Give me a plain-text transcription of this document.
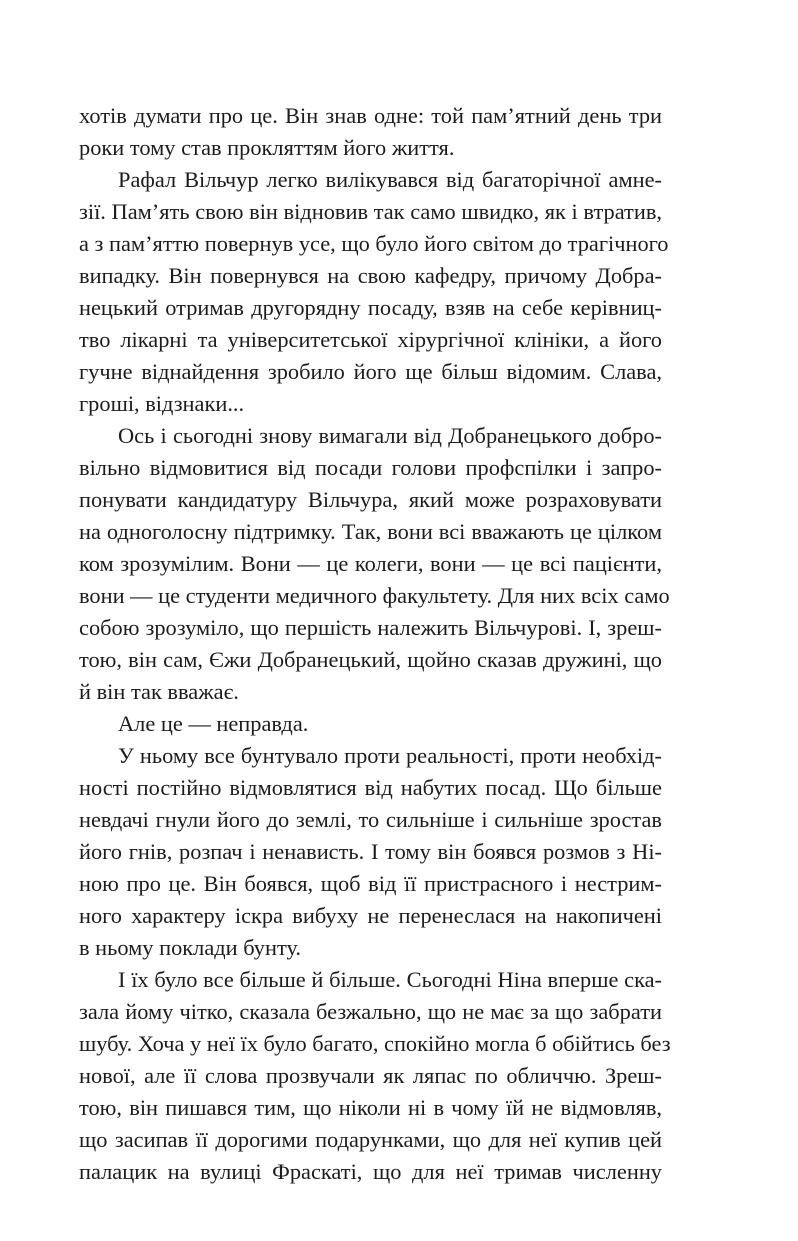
хотів думати про це. Він знав одне: той пам’ятний день три
роки тому став прокляттям його життя.
Рафал Вільчур легко вилікувався від багаторічної амне-
зії. Пам’ять свою він відновив так само швидко, як і втратив,
а з пам’яттю повернув усе, що було його світом до трагічного
випадку. Він повернувся на свою кафедру, причому Добра-
нецький отримав другорядну посаду, взяв на себе керівниц-
тво лікарні та університетської хірургічної клініки, а його
гучне віднайдення зробило його ще більш відомим. Слава,
гроші, відзнаки...
Ось і сьогодні знову вимагали від Добранецького добро-
вільно відмовитися від посади голови профспілки і запро-
понувати кандидатуру Вільчура, який може розраховувати
на одноголосну підтримку. Так, вони всі вважають це цілком
ком зрозумілим. Вони — це колеги, вони — це всі пацієнти,
вони — це студенти медичного факультету. Для них всіх само
собою зрозуміло, що першість належить Вільчурові. І, зреш-
тою, він сам, Єжи Добранецький, щойно сказав дружині, що
й він так вважає.
Але це — неправда.
У ньому все бунтувало проти реальності, проти необхід-
ності постійно відмовлятися від набутих посад. Що більше
невдачі гнули його до землі, то сильніше і сильніше зростав
його гнів, розпач і ненависть. І тому він боявся розмов з Ні-
ною про це. Він боявся, щоб від її пристрасного і нестрим-
ного характеру іскра вибуху не перенеслася на накопичені
в ньому поклади бунту.
І їх було все більше й більше. Сьогодні Ніна вперше ска-
зала йому чітко, сказала безжально, що не має за що забрати
шубу. Хоча у неї їх було багато, спокійно могла б обійтись без
нової, але її слова прозвучали як ляпас по обличчю. Зреш-
тою, він пишався тим, що ніколи ні в чому їй не відмовляв,
що засипав її дорогими подарунками, що для неї купив цей
палацик на вулиці Фраскаті, що для неї тримав численну
